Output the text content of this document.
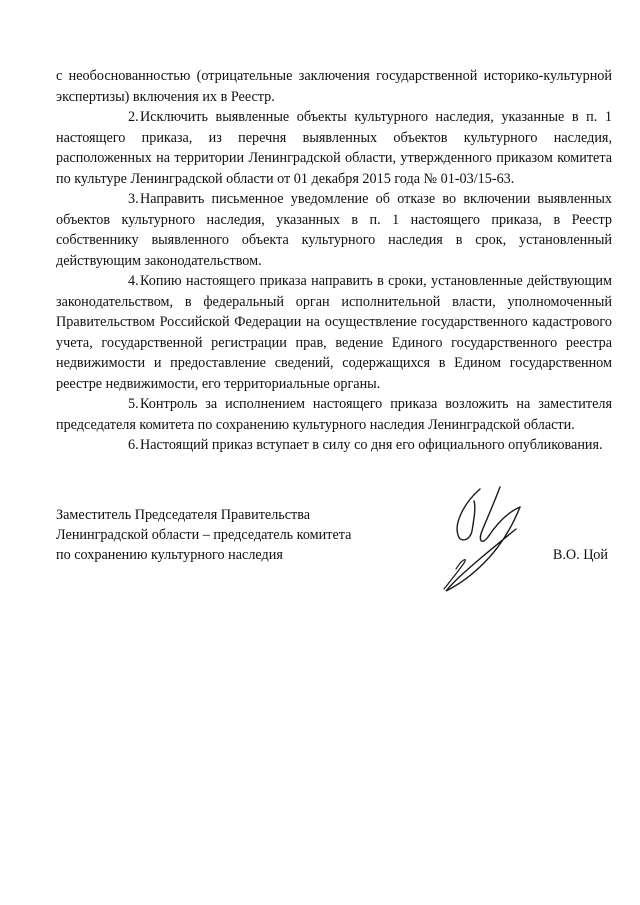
с необоснованностью (отрицательные заключения государственной историко-культурной экспертизы) включения их в Реестр.

2.Исключить выявленные объекты культурного наследия, указанные в п. 1 настоящего приказа, из перечня выявленных объектов культурного наследия, расположенных на территории Ленинградской области, утвержденного приказом комитета по культуре Ленинградской области от 01 декабря 2015 года № 01-03/15-63.

3.Направить письменное уведомление об отказе во включении выявленных объектов культурного наследия, указанных в п. 1 настоящего приказа, в Реестр собственнику выявленного объекта культурного наследия в срок, установленный действующим законодательством.

4.Копию настоящего приказа направить в сроки, установленные действующим законодательством, в федеральный орган исполнительной власти, уполномоченный Правительством Российской Федерации на осуществление государственного кадастрового учета, государственной регистрации прав, ведение Единого государственного реестра недвижимости и предоставление сведений, содержащихся в Едином государственном реестре недвижимости, его территориальные органы.

5.Контроль за исполнением настоящего приказа возложить на заместителя председателя комитета по сохранению культурного наследия Ленинградской области.

6.Настоящий приказ вступает в силу со дня его официального опубликования.

Заместитель Председателя Правительства
Ленинградской области – председатель комитета
по сохранению культурного наследия	В.О. Цой
